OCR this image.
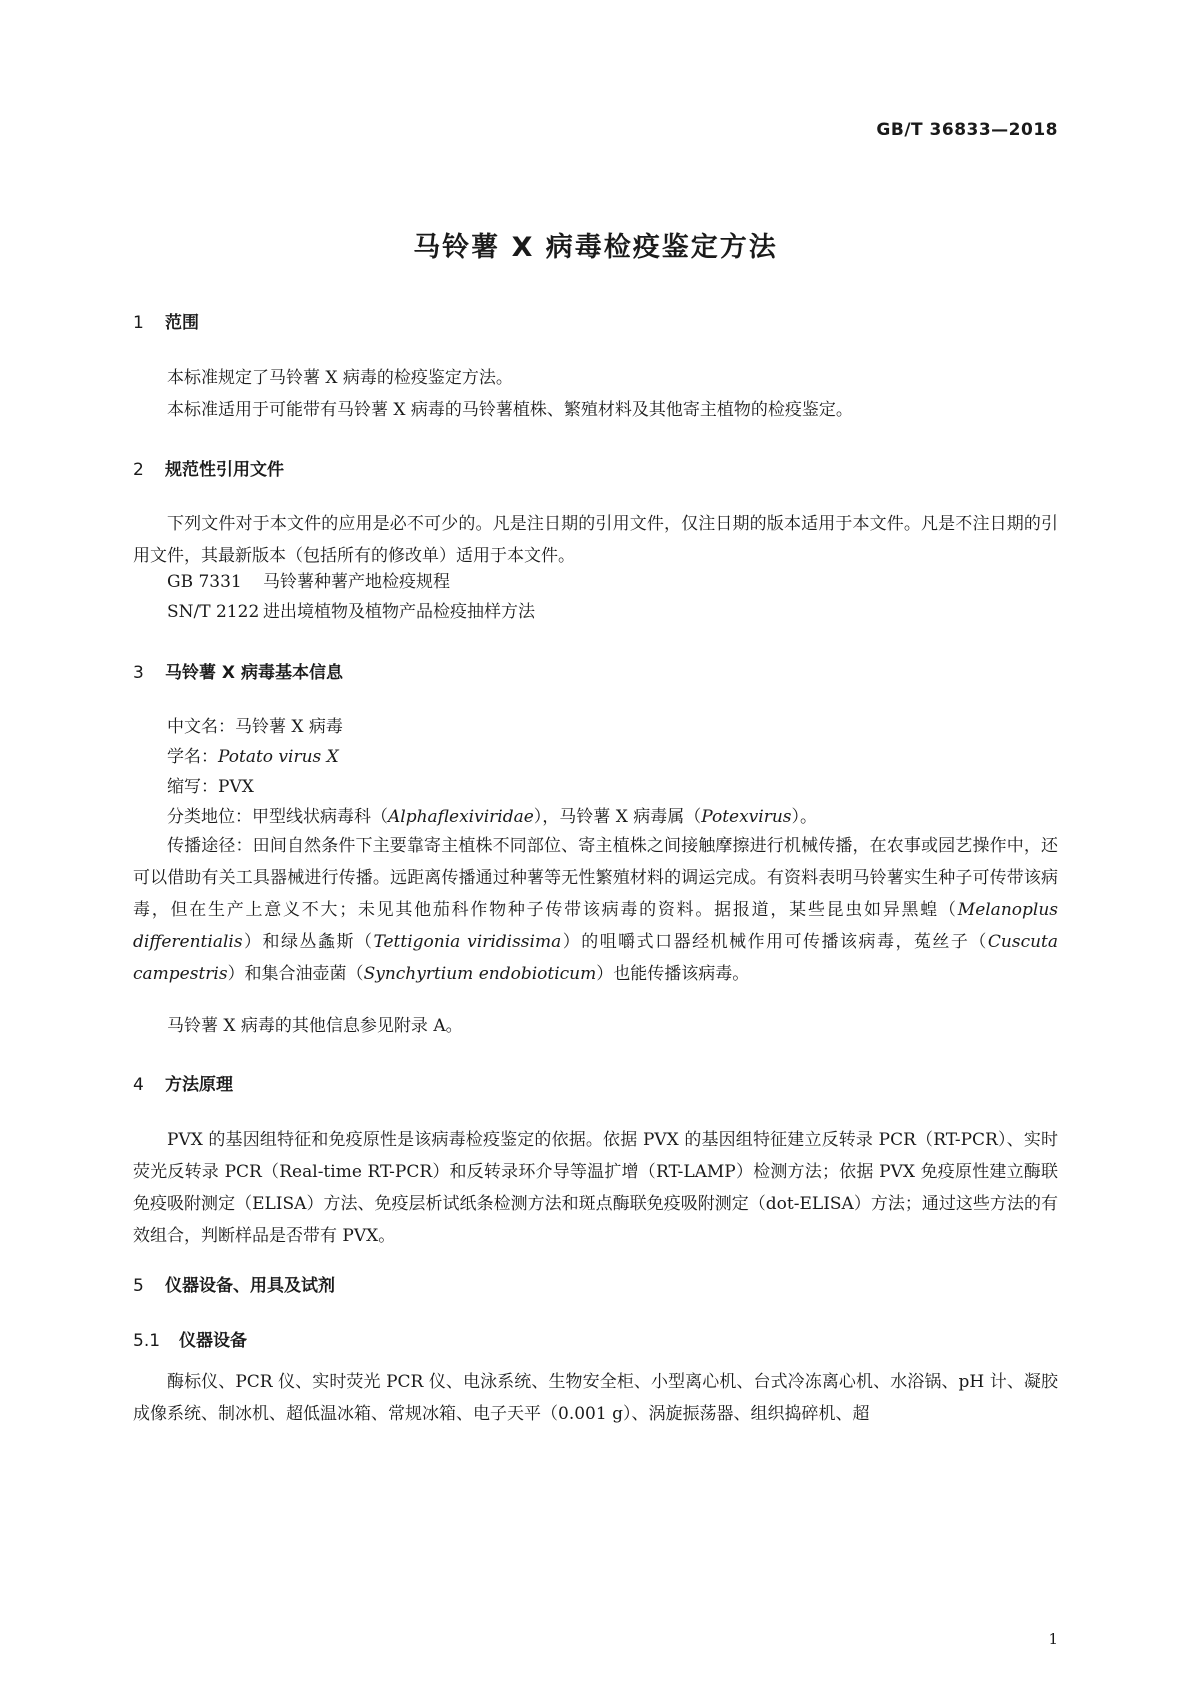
GB/T 36833—2018
马铃薯 X 病毒检疫鉴定方法
1 范围
本标准规定了马铃薯 X 病毒的检疫鉴定方法。
本标准适用于可能带有马铃薯 X 病毒的马铃薯植株、繁殖材料及其他寄主植物的检疫鉴定。
2 规范性引用文件
下列文件对于本文件的应用是必不可少的。凡是注日期的引用文件，仅注日期的版本适用于本文件。凡是不注日期的引用文件，其最新版本（包括所有的修改单）适用于本文件。
GB 7331 马铃薯种薯产地检疫规程
SN/T 2122 进出境植物及植物产品检疫抽样方法
3 马铃薯 X 病毒基本信息
中文名：马铃薯 X 病毒
学名：Potato virus X
缩写：PVX
分类地位：甲型线状病毒科（Alphaflexiviridae），马铃薯 X 病毒属（Potexvirus）。
传播途径：田间自然条件下主要靠寄主植株不同部位、寄主植株之间接触摩擦进行机械传播，在农事或园艺操作中，还可以借助有关工具器械进行传播。远距离传播通过种薯等无性繁殖材料的调运完成。有资料表明马铃薯实生种子可传带该病毒，但在生产上意义不大；未见其他茄科作物种子传带该病毒的资料。据报道，某些昆虫如异黑蝗（Melanoplus differentialis）和绿丛螽斯（Tettigonia viridissima）的咀嚼式口器经机械作用可传播该病毒，菟丝子（Cuscuta campestris）和集合油壶菌（Synchyrtium endobioticum）也能传播该病毒。
马铃薯 X 病毒的其他信息参见附录 A。
4 方法原理
PVX 的基因组特征和免疫原性是该病毒检疫鉴定的依据。依据 PVX 的基因组特征建立反转录 PCR（RT-PCR）、实时荧光反转录 PCR（Real-time RT-PCR）和反转录环介导等温扩增（RT-LAMP）检测方法；依据 PVX 免疫原性建立酶联免疫吸附测定（ELISA）方法、免疫层析试纸条检测方法和斑点酶联免疫吸附测定（dot-ELISA）方法；通过这些方法的有效组合，判断样品是否带有 PVX。
5 仪器设备、用具及试剂
5.1 仪器设备
酶标仪、PCR 仪、实时荧光 PCR 仪、电泳系统、生物安全柜、小型离心机、台式冷冻离心机、水浴锅、pH 计、凝胶成像系统、制冰机、超低温冰箱、常规冰箱、电子天平（0.001 g）、涡旋振荡器、组织捣碎机、超
1
